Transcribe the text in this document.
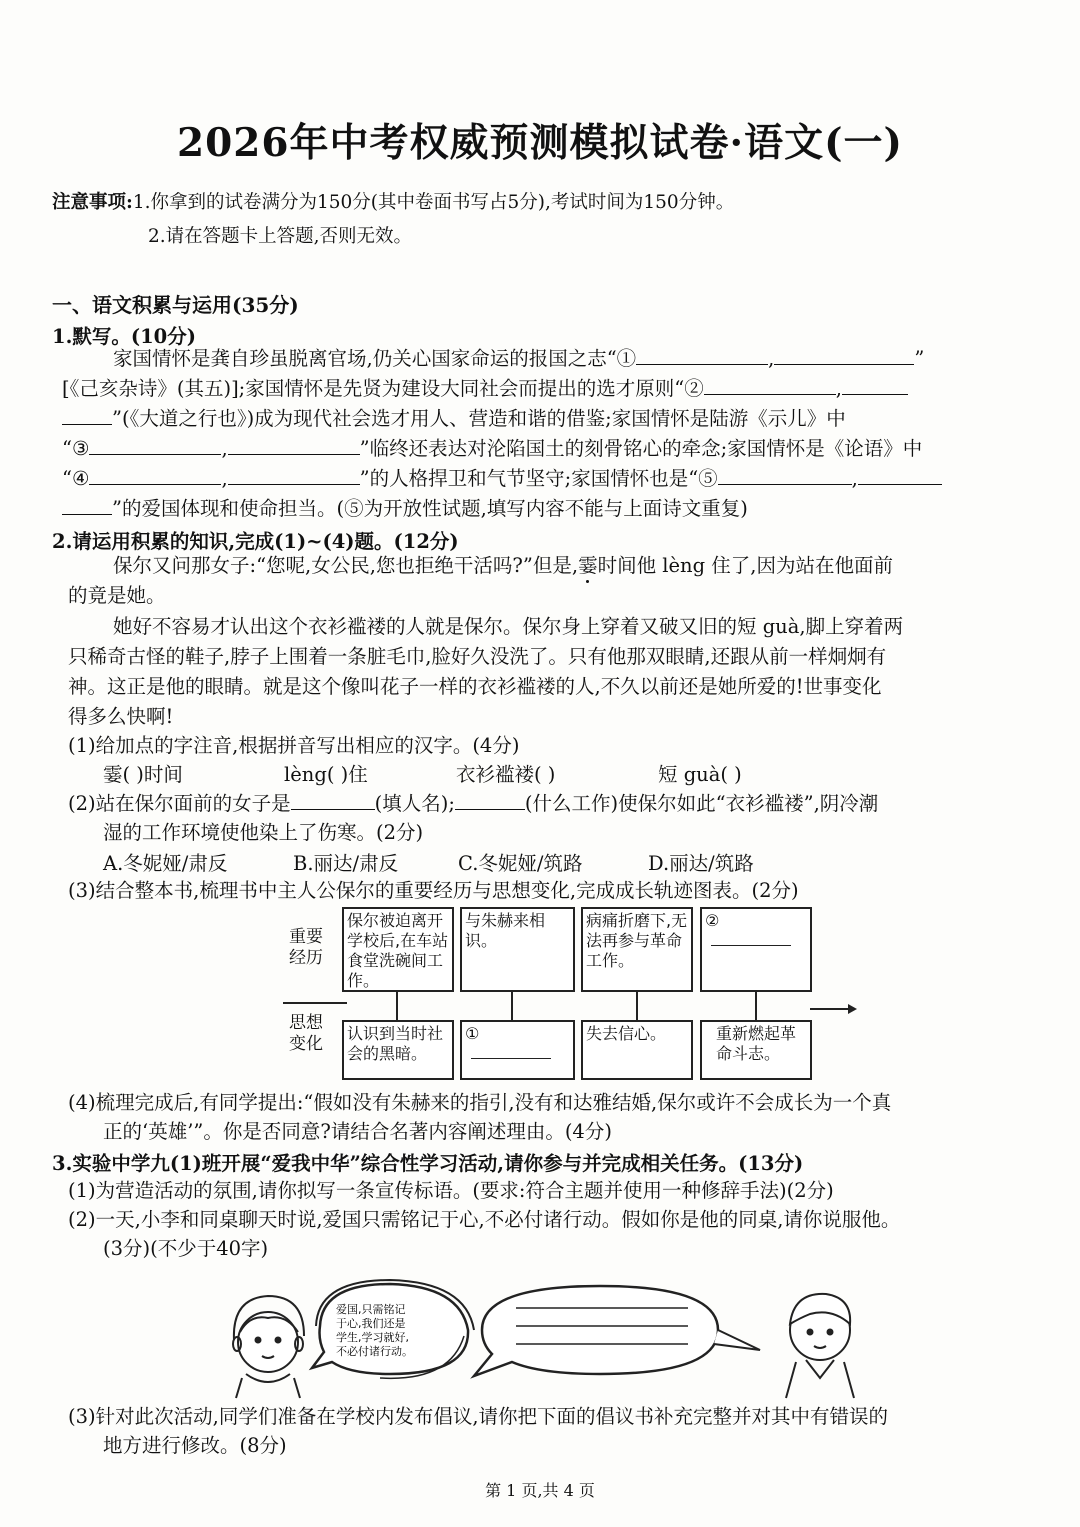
2026年中考权威预测模拟试卷·语文(一)
注意事项:1.你拿到的试卷满分为150分(其中卷面书写占5分),考试时间为150分钟。
2.请在答题卡上答题,否则无效。
一、语文积累与运用(35分)
1.默写。(10分)
家国情怀是龚自珍虽脱离官场,仍关心国家命运的报国之志“①	,	”
[《己亥杂诗》(其五)];家国情怀是先贤为建设大同社会而提出的选才原则“②	,
”(《大道之行也》)成为现代社会选才用人、营造和谐的借鉴;家国情怀是陆游《示儿》中
“③	,	”临终还表达对沦陷国土的刻骨铭心的牵念;家国情怀是《论语》中
“④	,	”的人格捍卫和气节坚守;家国情怀也是“⑤	,
”的爱国体现和使命担当。(⑤为开放性试题,填写内容不能与上面诗文重复)
2.请运用积累的知识,完成(1)~(4)题。(12分)
保尔又问那女子:“您呢,女公民,您也拒绝干活吗?”但是,霎时间他 lèng 住了,因为站在他面前
的竟是她。
她好不容易才认出这个衣衫褴褛的人就是保尔。保尔身上穿着又破又旧的短 guà,脚上穿着两
只稀奇古怪的鞋子,脖子上围着一条脏毛巾,脸好久没洗了。只有他那双眼睛,还跟从前一样炯炯有
神。这正是他的眼睛。就是这个像叫花子一样的衣衫褴褛的人,不久以前还是她所爱的!世事变化
得多么快啊!
(1)给加点的字注音,根据拼音写出相应的汉字。(4分)
霎( )时间	lèng( )住	衣衫褴褛( )	短 guà( )
(2)站在保尔面前的女子是	(填人名);	(什么工作)使保尔如此“衣衫褴褛”,阴冷潮
湿的工作环境使他染上了伤寒。(2分)
A.冬妮娅/肃反	B.丽达/肃反	C.冬妮娅/筑路	D.丽达/筑路
(3)结合整本书,梳理书中主人公保尔的重要经历与思想变化,完成成长轨迹图表。(2分)
重要经历
思想变化
保尔被迫离开学校后,在车站食堂洗碗间工作。
与朱赫来相识。
病痛折磨下,无法再参与革命工作。
②
认识到当时社会的黑暗。
①	失去信心。	重新燃起革命斗志。
(4)梳理完成后,有同学提出:“假如没有朱赫来的指引,没有和达雅结婚,保尔或许不会成长为一个真
正的‘英雄’”。你是否同意?请结合名著内容阐述理由。(4分)
3.实验中学九(1)班开展“爱我中华”综合性学习活动,请你参与并完成相关任务。(13分)
(1)为营造活动的氛围,请你拟写一条宣传标语。(要求:符合主题并使用一种修辞手法)(2分)
(2)一天,小李和同桌聊天时说,爱国只需铭记于心,不必付诸行动。假如你是他的同桌,请你说服他。
(3分)(不少于40字)
爱国,只需铭记
于心,我们还是
学生,学习就好,
不必付诸行动。
(3)针对此次活动,同学们准备在学校内发布倡议,请你把下面的倡议书补充完整并对其中有错误的
地方进行修改。(8分)
第 1 页,共 4 页
